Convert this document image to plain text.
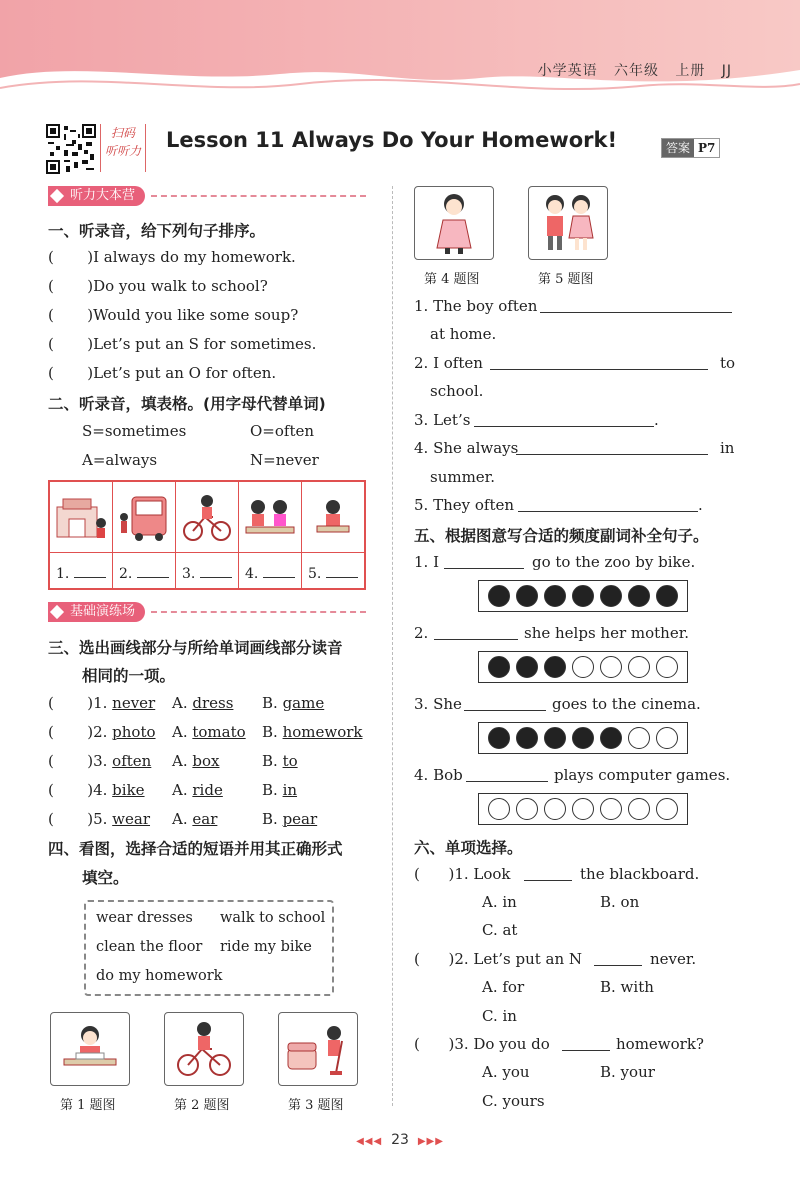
小学英语 六年级 上册 JJ
扫码
听听力 Lesson 11 Always Do Your Homework!	答案 P7
听力大本营
一、听录音，给下列句子排序。
(       )I always do my homework.
(       )Do you walk to school?
(       )Would you like some soup?
(       )Let’s put an S for sometimes.
(       )Let’s put an O for often.
二、听录音，填表格。(用字母代替单词)
S=sometimes	O=often
A=always	N=never
1.	2.	3.	4.	5.
基础演练场
三、选出画线部分与所给单词画线部分读音
相同的一项。
(       )1. never A. dress B. game
(       )2. photo A. tomato B. homework
(       )3. often A. box	B. to
(       )4. bike A. ride	B. in
(       )5. wear A. ear	B. pear
四、看图，选择合适的短语并用其正确形式
填空。
wear dresses walk to school
clean the floor ride my bike
do my homework
第 1 题图	第 2 题图	第 3 题图
第 4 题图	第 5 题图
1. The boy often
at home.
2. I often	to
school.
3. Let’s	.
4. She always	in
summer.
5. They often	.
五、根据图意写合适的频度副词补全句子。
1. I	go to the zoo by bike.
2.	she helps her mother.
3. She	goes to the cinema.
4. Bob	plays computer games.
六、单项选择。
(      )1. Look	the blackboard.
A. in	B. on
C. at
(      )2. Let’s put an N	never.
A. for	B. with
C. in
(      )3. Do you do	homework?
A. you	B. your
C. yours
◀◀◀ 23 ▶▶▶
